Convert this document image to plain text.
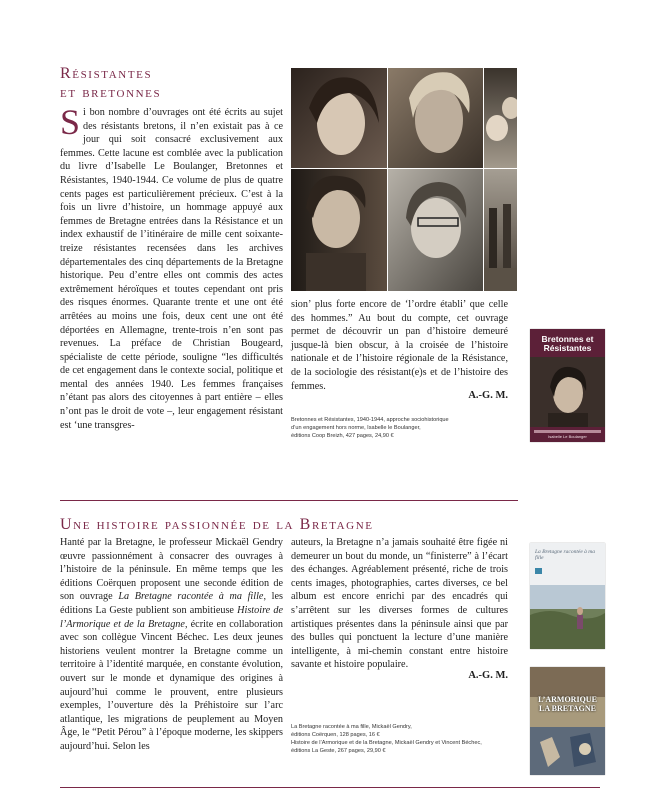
Résistantes
et bretonnes
Si bon nombre d’ouvrages ont été écrits au sujet des résistants bretons, il n’en existait pas à ce jour qui soit consacré exclusivement aux femmes. Cette lacune est comblée avec la publication du livre d’Isabelle Le Boulanger, Bretonnes et Résistantes, 1940-1944. Ce volume de plus de quatre cents pages est particulièrement précieux. C’est à la fois un livre d’histoire, un hommage appuyé aux femmes de Bretagne entrées dans la Résistance et un index exhaustif de l’itinéraire de mille cent soixante-treize résistantes recensées dans les archives départementales des cinq départements de la Bretagne historique. Peu d’entre elles ont commis des actes extrêmement héroïques et toutes cependant ont pris des risques énormes. Quarante trente et une ont été arrêtées au moins une fois, deux cent une ont été déportées en Allemagne, trente-trois n’en sont pas revenues. La préface de Christian Bougeard, spécialiste de cette période, souligne “les difficultés de cet engagement dans le contexte social, politique et mental des années 1940. Les femmes françaises n’étant pas alors des citoyennes à part entière – elles n’ont pas le droit de vote –, leur engagement résistant est ‘une transgres-
sion’ plus forte encore de ‘l’ordre établi’ que celle des hommes.” Au bout du compte, cet ouvrage permet de découvrir un pan d’histoire demeuré jusque-là bien obscur, à la croisée de l’histoire nationale et de l’histoire régionale de la Résistance, de la sociologie des résistant(e)s et de l’histoire des femmes.

A.-G. M.

Bretonnes et Résistantes, 1940-1944, approche sociohistorique
d’un engagement hors norme, Isabelle le Boulanger,
éditions Coop Breizh, 427 pages, 24,90 €
Bretonnes et
Résistantes
Isabelle Le Boulanger
Une histoire passionnée de la Bretagne
Hanté par la Bretagne, le professeur Mickaël Gendry œuvre passionnément à consacrer des ouvrages à l’histoire de la péninsule. En même temps que les éditions Coërquen proposent une seconde édition de son ouvrage La Bretagne racontée à ma fille, les éditions La Geste publient son ambitieuse Histoire de l’Armorique et de la Bretagne, écrite en collaboration avec son collègue Vincent Béchec. Les deux jeunes historiens veulent montrer la Bretagne comme un territoire à l’identité marquée, en constante évolution, ouvert sur le monde et dynamique des origines à aujourd’hui comme le prouvent, entre plusieurs exemples, l’ouverture dès la Préhistoire sur l’arc atlantique, les migrations de peuplement au Moyen Âge, le “Petit Pérou” à l’époque moderne, les skippers aujourd’hui. Selon les
auteurs, la Bretagne n’a jamais souhaité être figée ni demeurer un bout du monde, un “finisterre” à l’écart des échanges. Agréablement présenté, riche de trois cents images, photographies, cartes diverses, ce bel album est encore enrichi par des encadrés qui s’arrêtent sur les diverses formes de cultures artistiques présentes dans la péninsule ainsi que par des bulles qui ponctuent la lecture d’une manière intelligente, à mi-chemin constant entre histoire savante et histoire populaire.

A.-G. M.

La Bretagne racontée à ma fille, Mickaël Gendry,
éditions Coërquen, 128 pages, 16 €
Histoire de l’Armorique et de la Bretagne, Mickaël Gendry et Vincent Béchec,
éditions La Geste, 267 pages, 29,90 €
La Bretagne racontée à ma fille
L’ARMORIQUE
LA BRETAGNE
